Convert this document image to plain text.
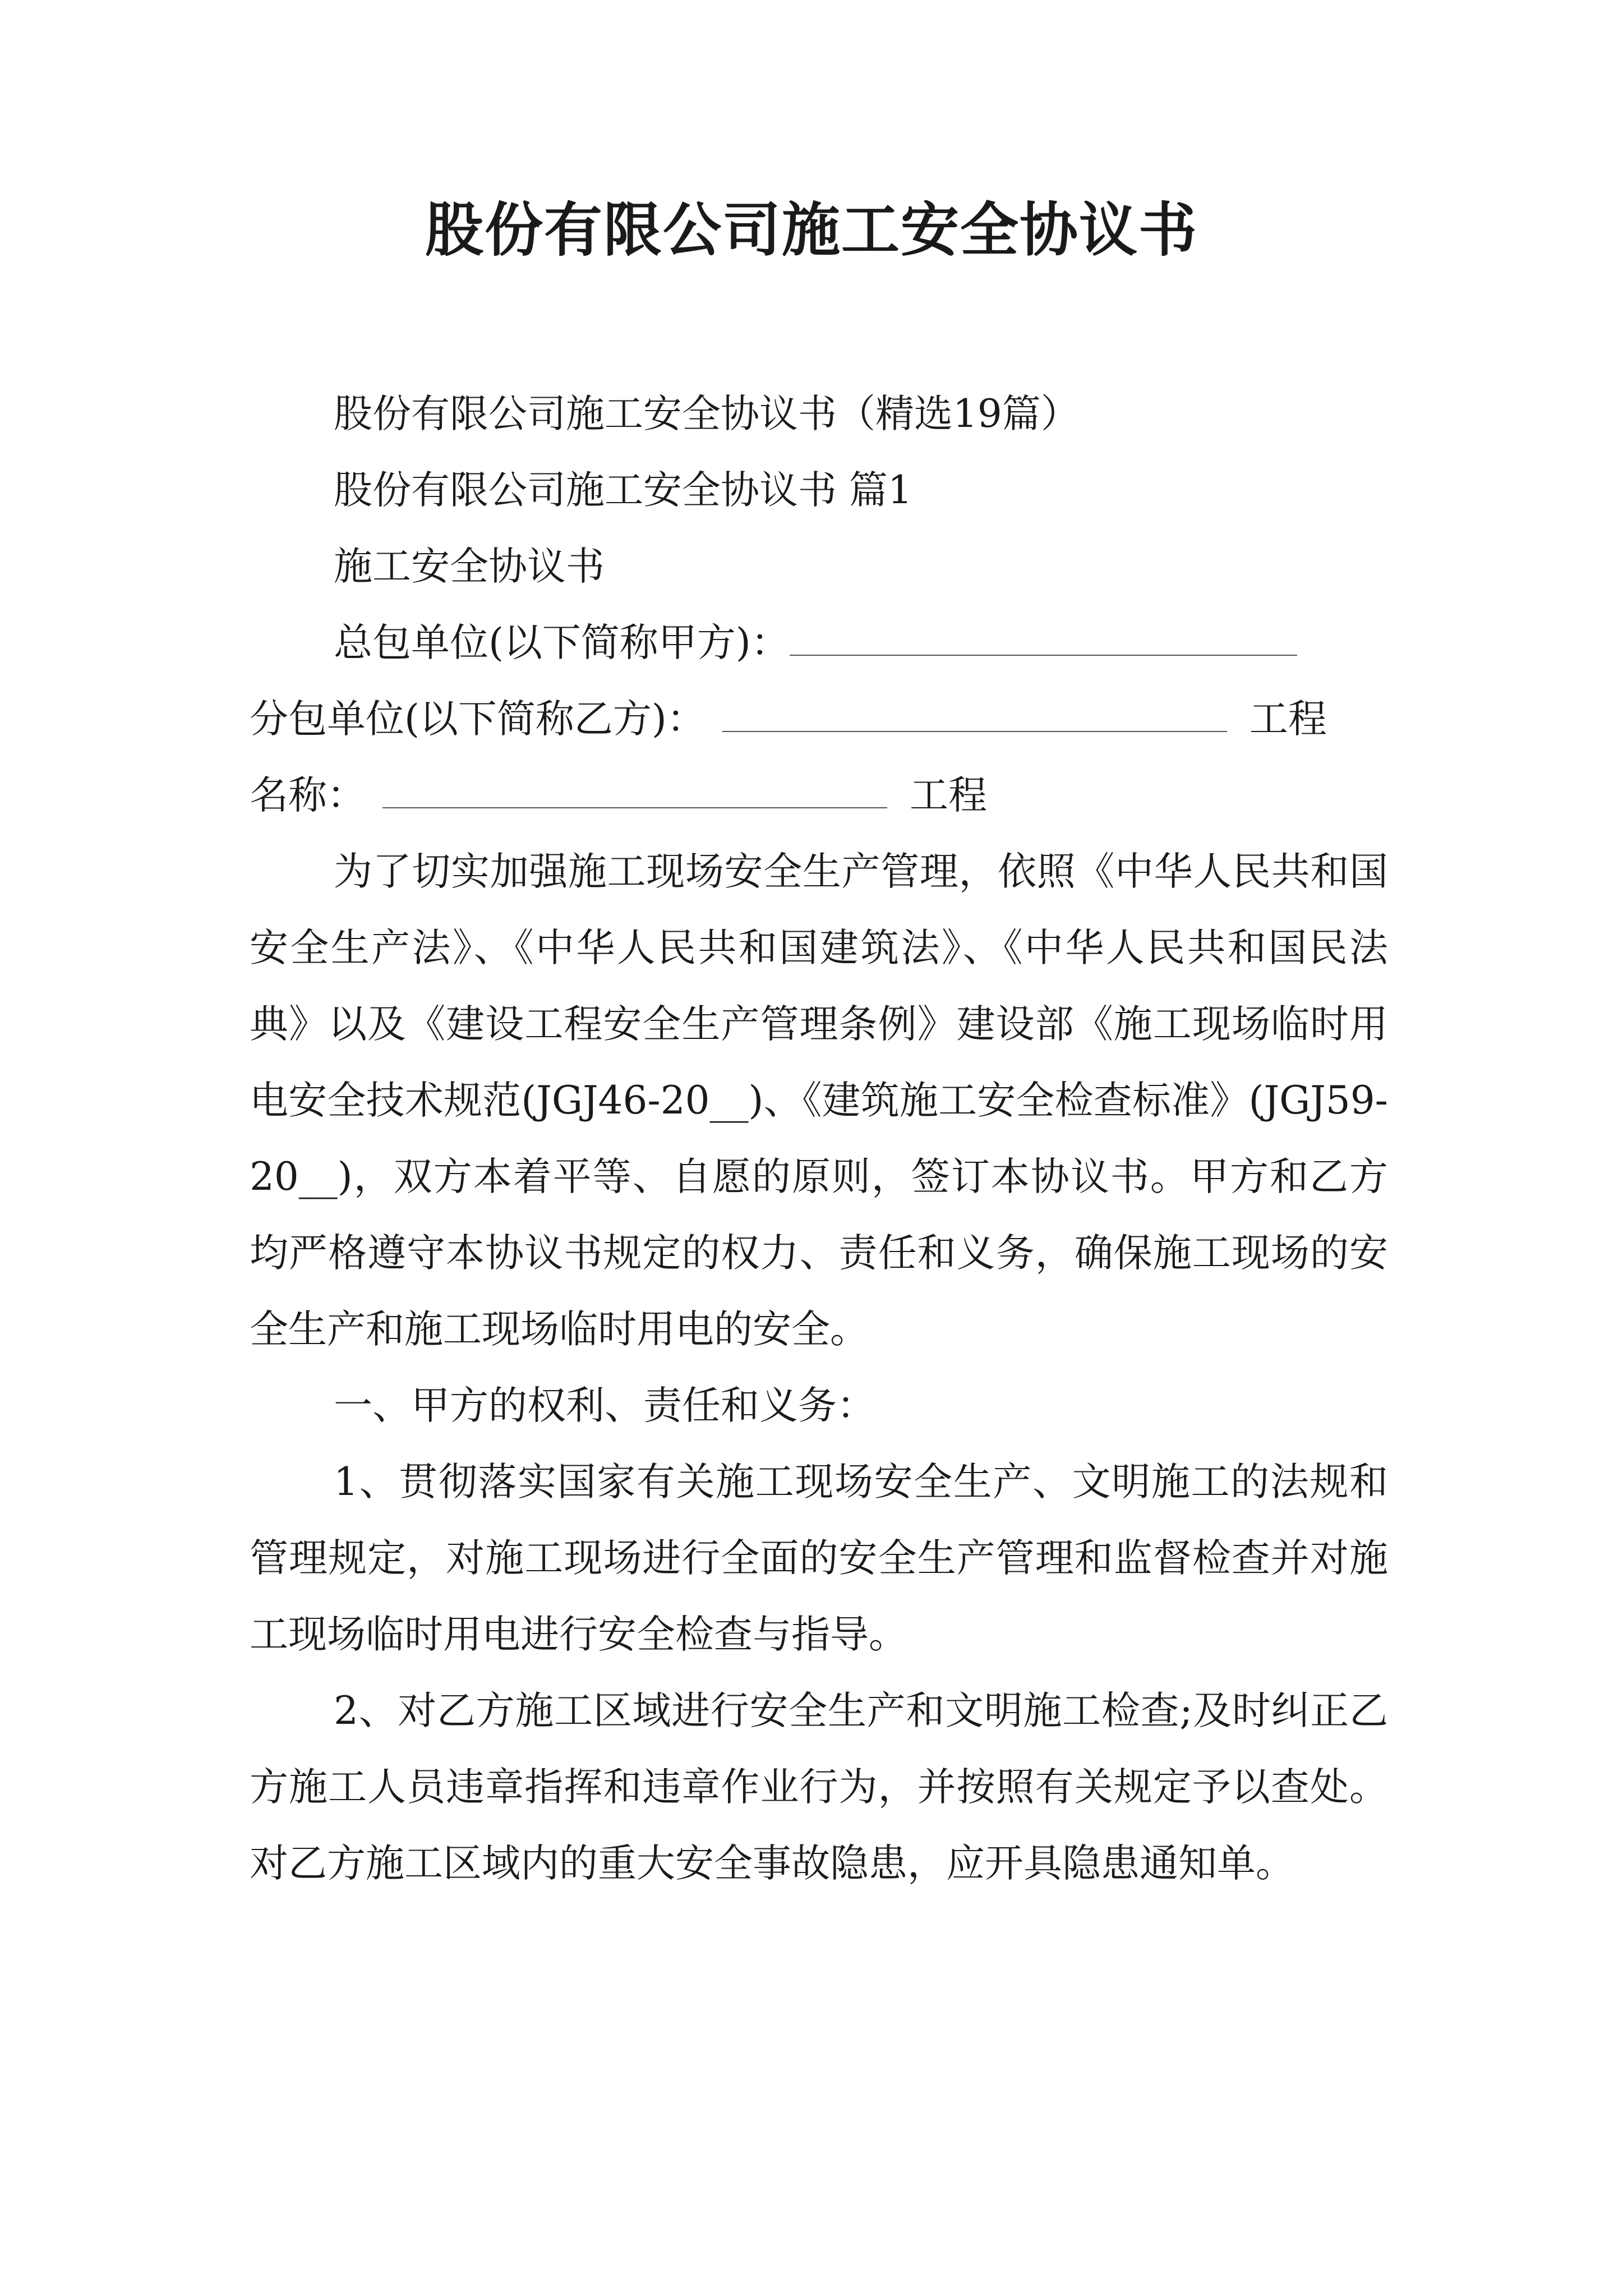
股份有限公司施工安全协议书

股份有限公司施工安全协议书（精选19篇）

股份有限公司施工安全协议书 篇1

施工安全协议书

总包单位(以下简称甲方)：

分包单位(以下简称乙方)：	工程

名称：	工程

为了切实加强施工现场安全生产管理，依照《中华人民共和国安全生产法》、《中华人民共和国建筑法》、《中华人民共和国民法典》以及《建设工程安全生产管理条例》建设部《施工现场临时用电安全技术规范(JGJ46-20__)、《建筑施工安全检查标准》(JGJ59-20__)，双方本着平等、自愿的原则，签订本协议书。甲方和乙方均严格遵守本协议书规定的权力、责任和义务，确保施工现场的安全生产和施工现场临时用电的安全。

一、甲方的权利、责任和义务：

1、贯彻落实国家有关施工现场安全生产、文明施工的法规和管理规定，对施工现场进行全面的安全生产管理和监督检查并对施工现场临时用电进行安全检查与指导。

2、对乙方施工区域进行安全生产和文明施工检查;及时纠正乙方施工人员违章指挥和违章作业行为，并按照有关规定予以查处。对乙方施工区域内的重大安全事故隐患，应开具隐患通知单。
